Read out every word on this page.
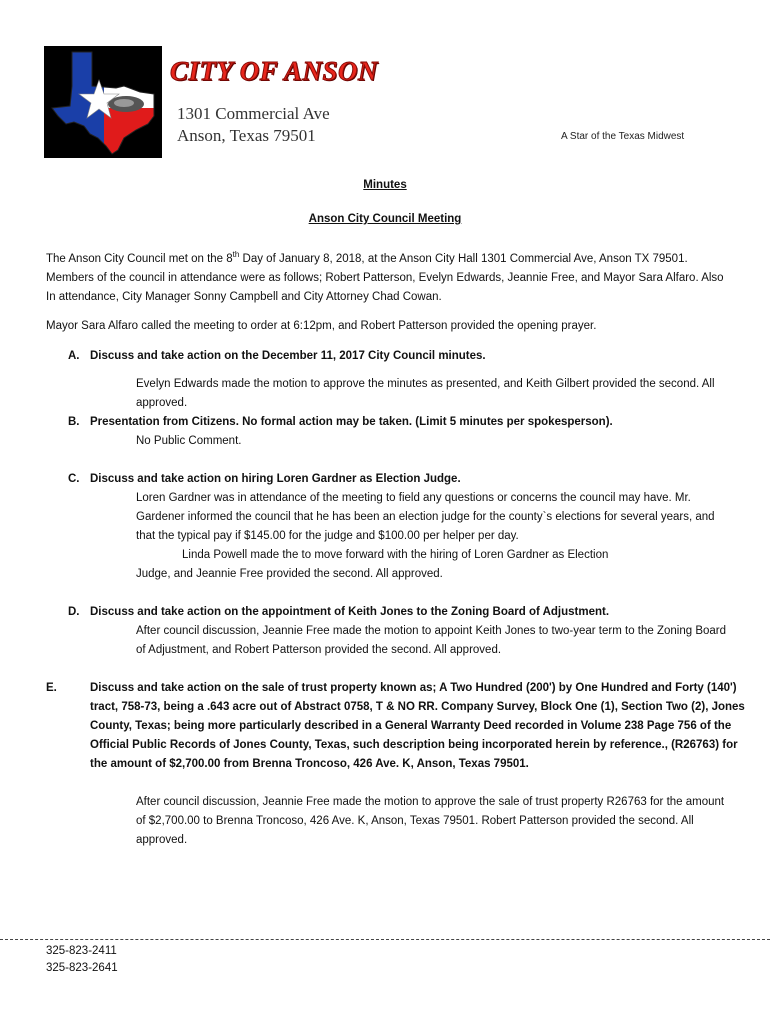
CITY OF ANSON
1301 Commercial Ave
Anson, Texas 79501	A Star of the Texas Midwest
Minutes
Anson City Council Meeting
The Anson City Council met on the 8th Day of January 8, 2018, at the Anson City Hall 1301 Commercial Ave, Anson TX 79501. Members of the council in attendance were as follows; Robert Patterson, Evelyn Edwards, Jeannie Free, and Mayor Sara Alfaro. Also In attendance, City Manager Sonny Campbell and City Attorney Chad Cowan.
Mayor Sara Alfaro called the meeting to order at 6:12pm, and Robert Patterson provided the opening prayer.
A. Discuss and take action on the December 11, 2017 City Council minutes.
Evelyn Edwards made the motion to approve the minutes as presented, and Keith Gilbert provided the second. All approved.
B. Presentation from Citizens. No formal action may be taken. (Limit 5 minutes per spokesperson).
No Public Comment.
C. Discuss and take action on hiring Loren Gardner as Election Judge.
Loren Gardner was in attendance of the meeting to field any questions or concerns the council may have. Mr. Gardener informed the council that he has been an election judge for the county`s elections for several years, and that the typical pay if $145.00 for the judge and $100.00 per helper per day.
Linda Powell made the to move forward with the hiring of Loren Gardner as Election
Judge, and Jeannie Free provided the second. All approved.
D. Discuss and take action on the appointment of Keith Jones to the Zoning Board of Adjustment.
After council discussion, Jeannie Free made the motion to appoint Keith Jones to two-year term to the Zoning Board of Adjustment, and Robert Patterson provided the second. All approved.
E.	Discuss and take action on the sale of trust property known as; A Two Hundred (200') by One Hundred and Forty (140') tract, 758-73, being a .643 acre out of Abstract 0758, T & NO RR. Company Survey, Block One (1), Section Two (2), Jones County, Texas; being more particularly described in a General Warranty Deed recorded in Volume 238 Page 756 of the Official Public Records of Jones County, Texas, such description being incorporated herein by reference., (R26763) for the amount of $2,700.00 from Brenna Troncoso, 426 Ave. K, Anson, Texas 79501.
After council discussion, Jeannie Free made the motion to approve the sale of trust property R26763 for the amount of $2,700.00 to Brenna Troncoso, 426 Ave. K, Anson, Texas 79501. Robert Patterson provided the second. All approved.
325-823-2411
325-823-2641
